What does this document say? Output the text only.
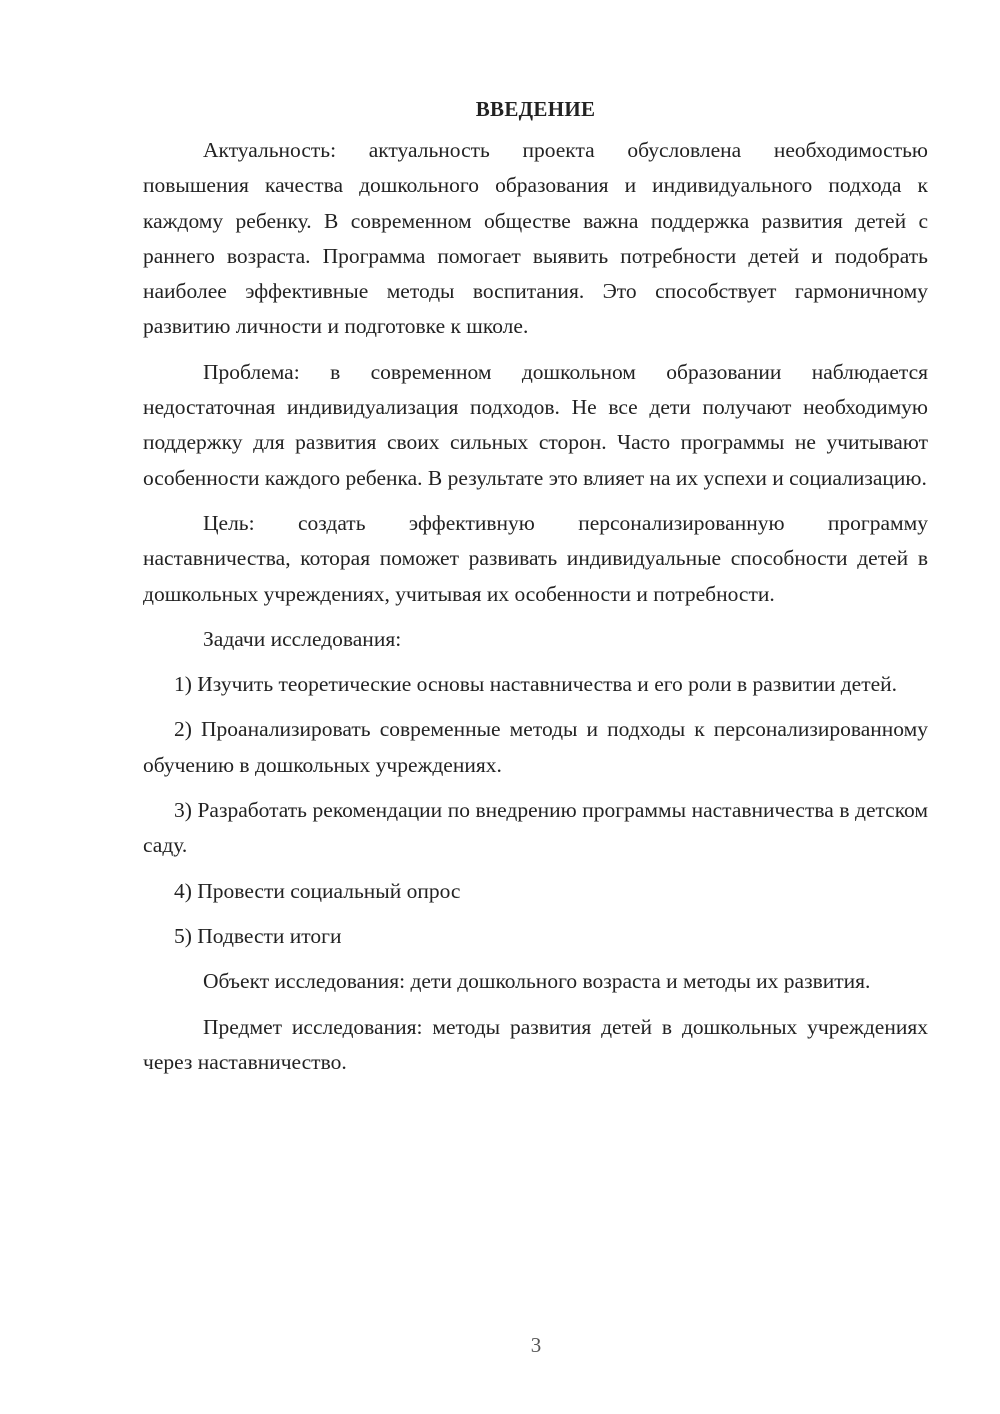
ВВЕДЕНИЕ

Актуальность: актуальность проекта обусловлена необходимостью повышения качества дошкольного образования и индивидуального подхода к каждому ребенку. В современном обществе важна поддержка развития детей с раннего возраста. Программа помогает выявить потребности детей и подобрать наиболее эффективные методы воспитания. Это способствует гармоничному развитию личности и подготовке к школе.

Проблема: в современном дошкольном образовании наблюдается недостаточная индивидуализация подходов. Не все дети получают необходимую поддержку для развития своих сильных сторон. Часто программы не учитывают особенности каждого ребенка. В результате это влияет на их успехи и социализацию.

Цель: создать эффективную персонализированную программу наставничества, которая поможет развивать индивидуальные способности детей в дошкольных учреждениях, учитывая их особенности и потребности.

Задачи исследования:

1) Изучить теоретические основы наставничества и его роли в развитии детей.

2) Проанализировать современные методы и подходы к персонализированному обучению в дошкольных учреждениях.

3) Разработать рекомендации по внедрению программы наставничества в детском саду.

4) Провести социальный опрос

5) Подвести итоги

Объект исследования: дети дошкольного возраста и методы их развития.

Предмет исследования: методы развития детей в дошкольных учреждениях через наставничество.

3
